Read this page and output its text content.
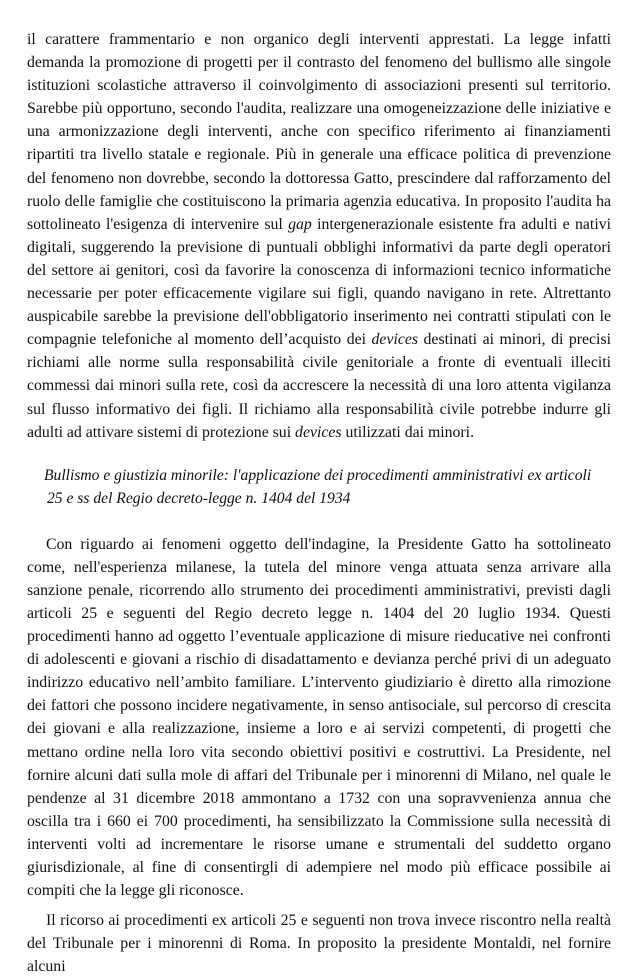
il carattere frammentario e non organico degli interventi apprestati. La legge infatti demanda la promozione di progetti per il contrasto del fenomeno del bullismo alle singole istituzioni scolastiche attraverso il coinvolgimento di associazioni presenti sul territorio. Sarebbe più opportuno, secondo l'audita, realizzare una omogeneizzazione delle iniziative e una armonizzazione degli interventi, anche con specifico riferimento ai finanziamenti ripartiti tra livello statale e regionale. Più in generale una efficace politica di prevenzione del fenomeno non dovrebbe, secondo la dottoressa Gatto, prescindere dal rafforzamento del ruolo delle famiglie che costituiscono la primaria agenzia educativa. In proposito l'audita ha sottolineato l'esigenza di intervenire sul gap intergenerazionale esistente fra adulti e nativi digitali, suggerendo la previsione di puntuali obblighi informativi da parte degli operatori del settore ai genitori, così da favorire la conoscenza di informazioni tecnico informatiche necessarie per poter efficacemente vigilare sui figli, quando navigano in rete. Altrettanto auspicabile sarebbe la previsione dell'obbligatorio inserimento nei contratti stipulati con le compagnie telefoniche al momento dell’acquisto dei devices destinati ai minori, di precisi richiami alle norme sulla responsabilità civile genitoriale a fronte di eventuali illeciti commessi dai minori sulla rete, così da accrescere la necessità di una loro attenta vigilanza sul flusso informativo dei figli. Il richiamo alla responsabilità civile potrebbe indurre gli adulti ad attivare sistemi di protezione sui devices utilizzati dai minori.

Bullismo e giustizia minorile: l'applicazione dei procedimenti amministrativi ex articoli
25 e ss del Regio decreto-legge n. 1404 del 1934

Con riguardo ai fenomeni oggetto dell'indagine, la Presidente Gatto ha sottolineato come, nell'esperienza milanese, la tutela del minore venga attuata senza arrivare alla sanzione penale, ricorrendo allo strumento dei procedimenti amministrativi, previsti dagli articoli 25 e seguenti del Regio decreto legge n. 1404 del 20 luglio 1934. Questi procedimenti hanno ad oggetto l’eventuale applicazione di misure rieducative nei confronti di adolescenti e giovani a rischio di disadattamento e devianza perché privi di un adeguato indirizzo educativo nell’ambito familiare. L’intervento giudiziario è diretto alla rimozione dei fattori che possono incidere negativamente, in senso antisociale, sul percorso di crescita dei giovani e alla realizzazione, insieme a loro e ai servizi competenti, di progetti che mettano ordine nella loro vita secondo obiettivi positivi e costruttivi. La Presidente, nel fornire alcuni dati sulla mole di affari del Tribunale per i minorenni di Milano, nel quale le pendenze al 31 dicembre 2018 ammontano a 1732 con una sopravvenienza annua che oscilla tra i 660 ei 700 procedimenti, ha sensibilizzato la Commissione sulla necessità di interventi volti ad incrementare le risorse umane e strumentali del suddetto organo giurisdizionale, al fine di consentirgli di adempiere nel modo più efficace possibile ai compiti che la legge gli riconosce.

Il ricorso ai procedimenti ex articoli 25 e seguenti non trova invece riscontro nella realtà del Tribunale per i minorenni di Roma. In proposito la presidente Montaldi, nel fornire alcuni
